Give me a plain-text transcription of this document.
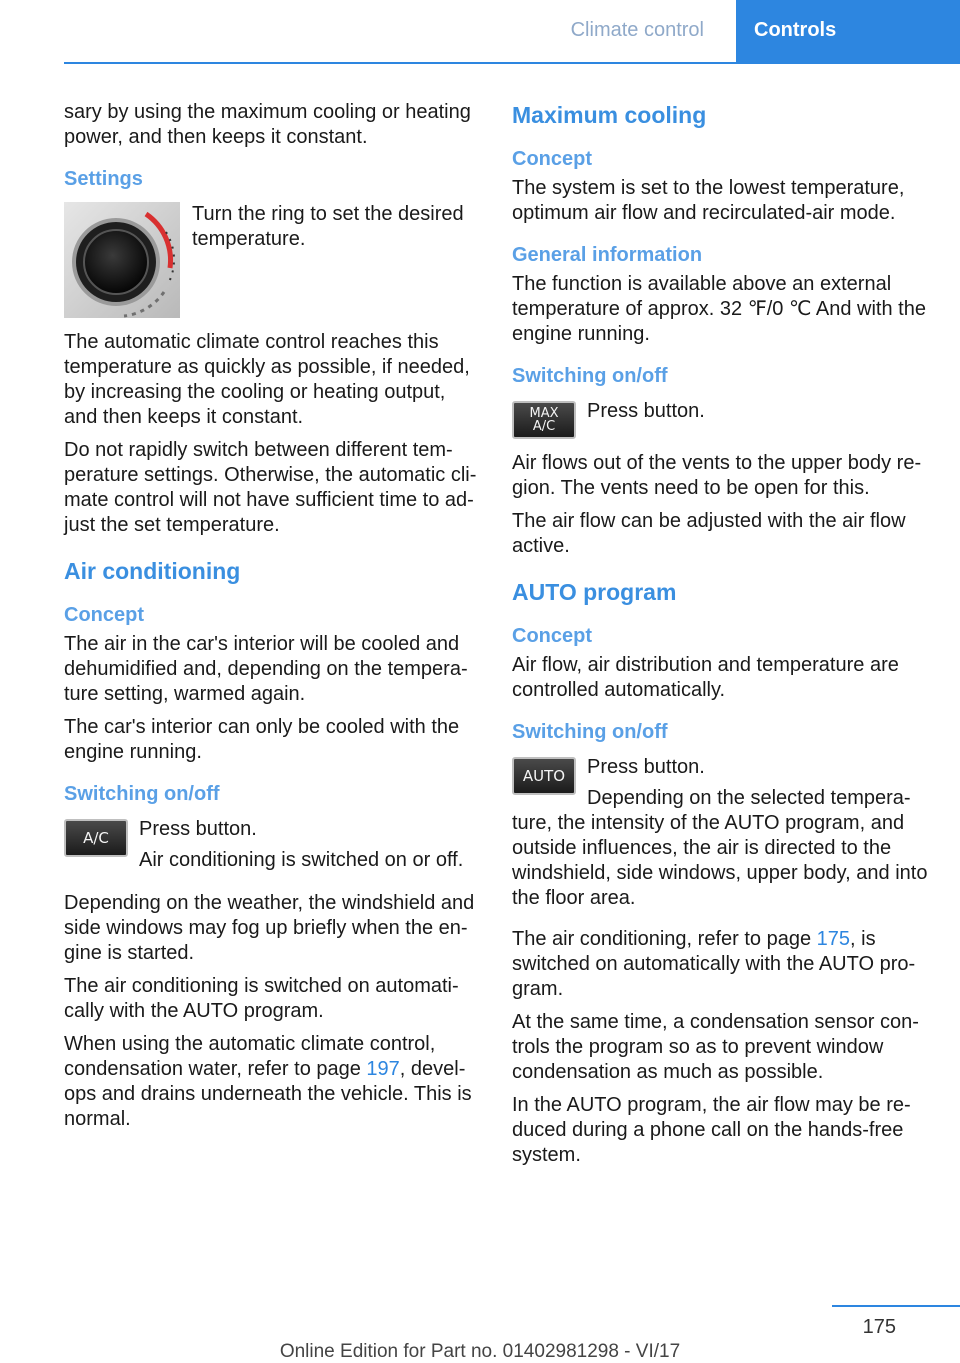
Climate control	Controls

sary by using the maximum cooling or heating power, and then keeps it constant.

Settings

Turn the ring to set the desired temperature.

The automatic climate control reaches this temperature as quickly as possible, if needed, by increasing the cooling or heating output, and then keeps it constant.

Do not rapidly switch between different tem‐perature settings. Otherwise, the automatic cli‐mate control will not have sufficient time to ad‐just the set temperature.

Air conditioning
Concept

The air in the car's interior will be cooled and dehumidified and, depending on the tempera‐ture setting, warmed again.

The car's interior can only be cooled with the engine running.

Switching on/off
A/C	Press button.

Air conditioning is switched on or off.

Depending on the weather, the windshield and side windows may fog up briefly when the en‐gine is started.

The air conditioning is switched on automati‐cally with the AUTO program.

When using the automatic climate control, condensation water, refer to page 197, devel‐ops and drains underneath the vehicle. This is normal.

Maximum cooling
Concept

The system is set to the lowest temperature, optimum air flow and recirculated-air mode.

General information

The function is available above an external temperature of approx. 32 ℉/0 ℃ And with the engine running.

Switching on/off
MAX
A/C

Press button.

Air flows out of the vents to the upper body re‐gion. The vents need to be open for this.

The air flow can be adjusted with the air flow active.

AUTO program
Concept

Air flow, air distribution and temperature are controlled automatically.

Switching on/off
AUTO	Press button.

Depending on the selected tempera‐

ture, the intensity of the AUTO program, and outside influences, the air is directed to the windshield, side windows, upper body, and into the floor area.

The air conditioning, refer to page 175, is switched on automatically with the AUTO pro‐gram.

At the same time, a condensation sensor con‐trols the program so as to prevent window condensation as much as possible.

In the AUTO program, the air flow may be re‐duced during a phone call on the hands-free system.

175
Online Edition for Part no. 01402981298 - VI/17
